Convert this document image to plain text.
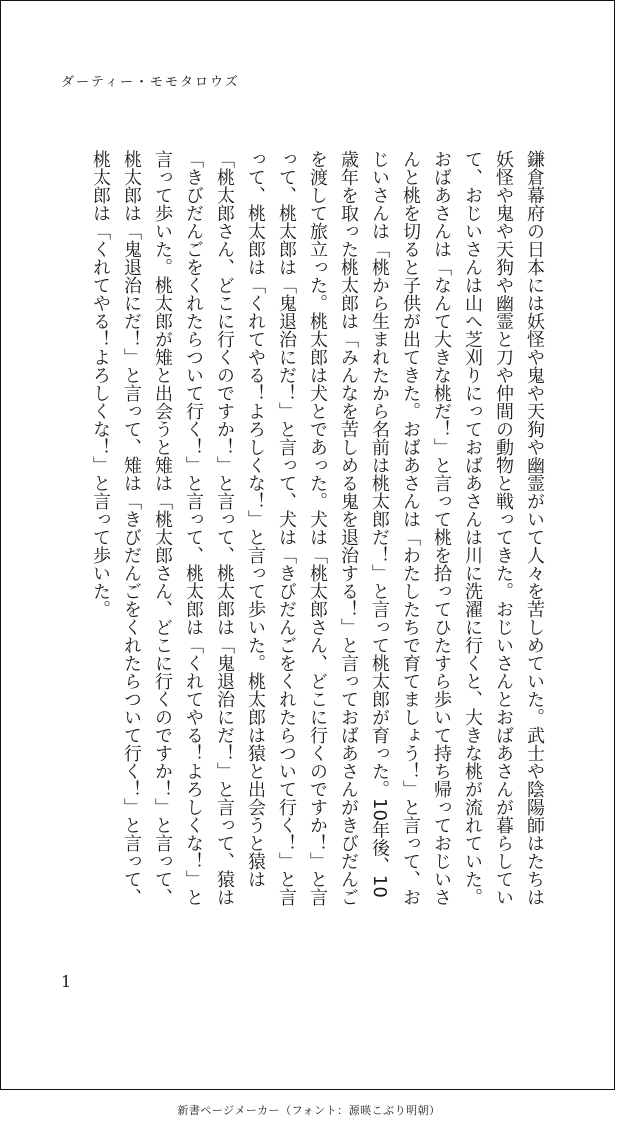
ダーティー・モモタロウズ

鎌倉幕府の日本には妖怪や鬼や天狗や幽霊がいて人々を苦しめていた。武士や陰陽師はたちは妖怪や鬼や天狗や幽霊と刀や仲間の動物と戦ってきた。おじいさんとおばあさんが暮らしていて、おじいさんは山へ芝刈りにっておばあさんは川に洗濯に行くと、大きな桃が流れていた。おばあさんは「なんて大きな桃だ！」と言って桃を拾ってひたすら歩いて持ち帰っておじいさんと桃を切ると子供が出てきた。おばあさんは「わたしたちで育てましょう！」と言って、おじいさんは「桃から生まれたから名前は桃太郎だ！」と言って桃太郎が育った。10年後、10歳年を取った桃太郎は「みんなを苦しめる鬼を退治する！」と言っておばあさんがきびだんごを渡して旅立った。桃太郎は犬とであった。犬は「桃太郎さん、どこに行くのですか！」と言って、桃太郎は「鬼退治にだ！」と言って、犬は「きびだんごをくれたらついて行く！」と言って、桃太郎は「くれてやる！よろしくな！」と言って歩いた。桃太郎は猿と出会うと猿は「桃太郎さん、どこに行くのですか！」と言って、桃太郎は「鬼退治にだ！」と言って、猿は「きびだんごをくれたらついて行く！」と言って、桃太郎は「くれてやる！よろしくな！」と言って歩いた。桃太郎が雉と出会うと雉は「桃太郎さん、どこに行くのですか！」と言って、桃太郎は「鬼退治にだ！」と言って、雉は「きびだんごをくれたらついて行く！」と言って、桃太郎は「くれてやる！よろしくな！」と言って歩いた。

1
新書ページメーカー（フォント：源暎こぶり明朝）
